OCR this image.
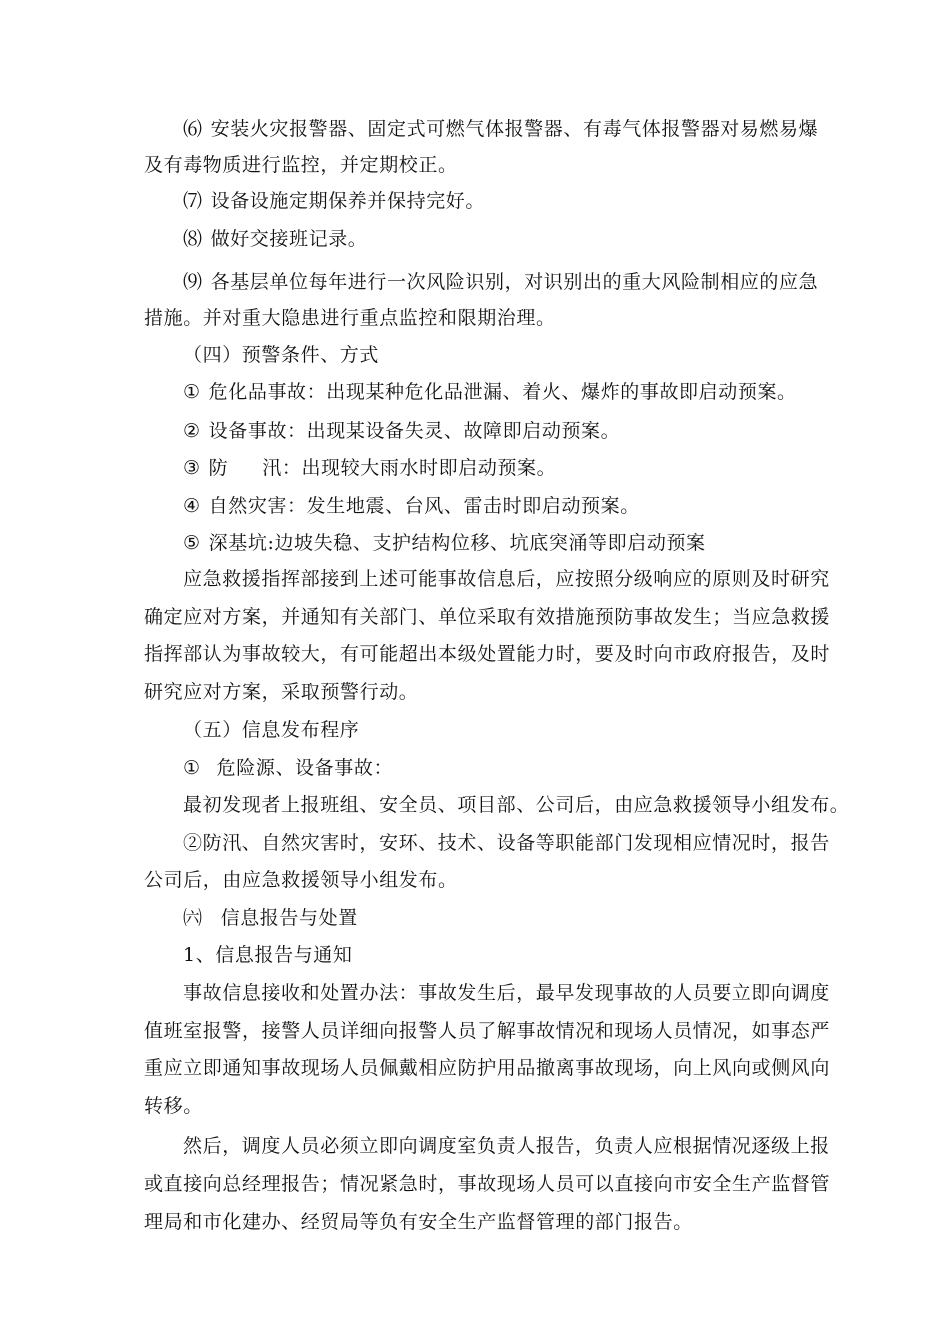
⑹ 安装火灾报警器、固定式可燃气体报警器、有毒气体报警器对易燃易爆
及有毒物质进行监控，并定期校正。
⑺ 设备设施定期保养并保持完好。
⑻ 做好交接班记录。
⑼ 各基层单位每年进行一次风险识别，对识别出的重大风险制相应的应急
措施。并对重大隐患进行重点监控和限期治理。
（四）预警条件、方式
① 危化品事故：出现某种危化品泄漏、着火、爆炸的事故即启动预案。
② 设备事故：出现某设备失灵、故障即启动预案。
③ 防 汛：出现较大雨水时即启动预案。
④ 自然灾害：发生地震、台风、雷击时即启动预案。
⑤ 深基坑:边坡失稳、支护结构位移、坑底突涌等即启动预案
应急救援指挥部接到上述可能事故信息后，应按照分级响应的原则及时研究
确定应对方案，并通知有关部门、单位采取有效措施预防事故发生；当应急救援
指挥部认为事故较大，有可能超出本级处置能力时，要及时向市政府报告，及时
研究应对方案，采取预警行动。
（五）信息发布程序
① 危险源、设备事故：
最初发现者上报班组、安全员、项目部、公司后，由应急救援领导小组发布。
②防汛、自然灾害时，安环、技术、设备等职能部门发现相应情况时，报告
公司后，由应急救援领导小组发布。
㈥ 信息报告与处置
1、信息报告与通知
事故信息接收和处置办法：事故发生后，最早发现事故的人员要立即向调度
值班室报警，接警人员详细向报警人员了解事故情况和现场人员情况，如事态严
重应立即通知事故现场人员佩戴相应防护用品撤离事故现场，向上风向或侧风向
转移。
然后，调度人员必须立即向调度室负责人报告，负责人应根据情况逐级上报
或直接向总经理报告；情况紧急时，事故现场人员可以直接向市安全生产监督管
理局和市化建办、经贸局等负有安全生产监督管理的部门报告。
